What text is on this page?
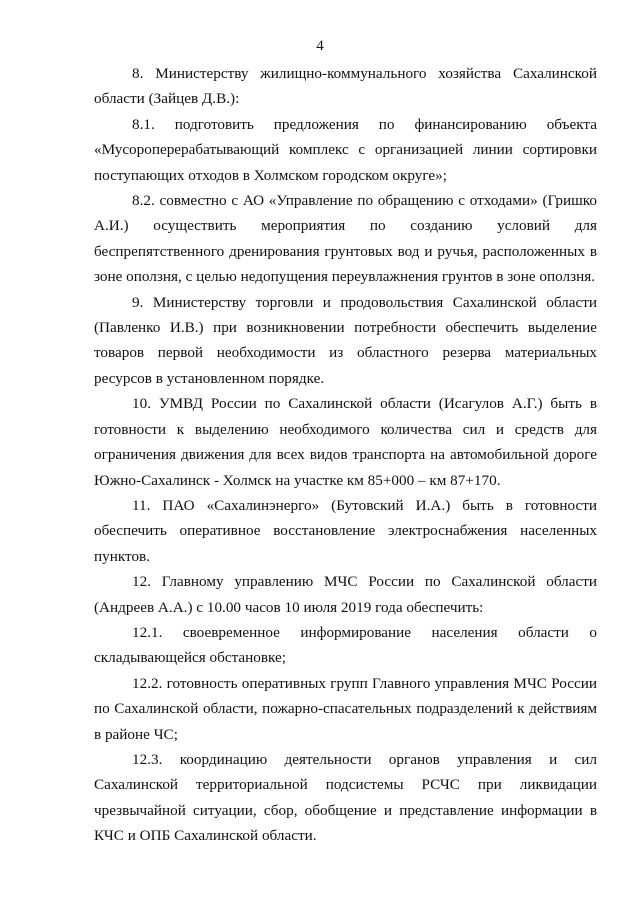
4

8. Министерству жилищно-коммунального хозяйства Сахалинской области (Зайцев Д.В.):

8.1. подготовить предложения по финансированию объекта «Мусороперерабатывающий комплекс с организацией линии сортировки поступающих отходов в Холмском городском округе»;

8.2. совместно с АО «Управление по обращению с отходами» (Гришко А.И.) осуществить мероприятия по созданию условий для беспрепятственного дренирования грунтовых вод и ручья, расположенных в зоне оползня, с целью недопущения переувлажнения грунтов в зоне оползня.

9. Министерству торговли и продовольствия Сахалинской области (Павленко И.В.) при возникновении потребности обеспечить выделение товаров первой необходимости из областного резерва материальных ресурсов в установленном порядке.

10. УМВД России по Сахалинской области (Исагулов А.Г.) быть в готовности к выделению необходимого количества сил и средств для ограничения движения для всех видов транспорта на автомобильной дороге Южно-Сахалинск - Холмск на участке км 85+000 – км 87+170.

11. ПАО «Сахалинэнерго» (Бутовский И.А.) быть в готовности обеспечить оперативное восстановление электроснабжения населенных пунктов.

12. Главному управлению МЧС России по Сахалинской области (Андреев А.А.) с 10.00 часов 10 июля 2019 года обеспечить:

12.1. своевременное информирование населения области о складывающейся обстановке;

12.2. готовность оперативных групп Главного управления МЧС России по Сахалинской области, пожарно-спасательных подразделений к действиям в районе ЧС;

12.3. координацию деятельности органов управления и сил Сахалинской территориальной подсистемы РСЧС при ликвидации чрезвычайной ситуации, сбор, обобщение и представление информации в КЧС и ОПБ Сахалинской области.
